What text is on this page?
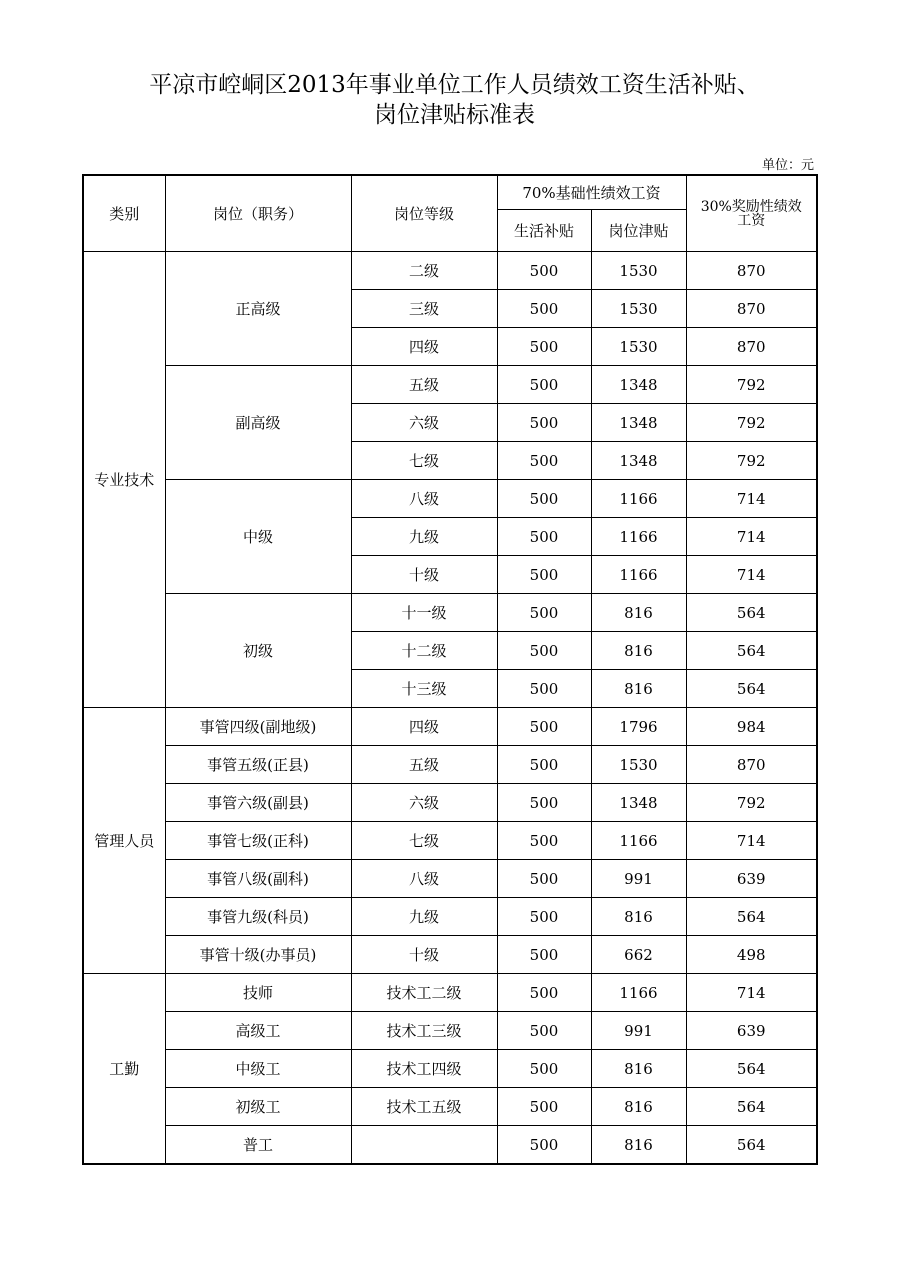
平凉市崆峒区2013年事业单位工作人员绩效工资生活补贴、
岗位津贴标准表
单位：元
类别	岗位（职务）	岗位等级	70%基础性绩效工资		30%奖励性绩效工资
			生活补贴	岗位津贴	
专业技术	正高级	二级	500	1530	870
		三级	500	1530	870
		四级	500	1530	870
	副高级	五级	500	1348	792
		六级	500	1348	792
		七级	500	1348	792
	中级	八级	500	1166	714
		九级	500	1166	714
		十级	500	1166	714
	初级	十一级	500	816	564
		十二级	500	816	564
		十三级	500	816	564
管理人员	事管四级(副地级)	四级	500	1796	984
	事管五级(正县)	五级	500	1530	870
	事管六级(副县)	六级	500	1348	792
	事管七级(正科)	七级	500	1166	714
	事管八级(副科)	八级	500	991	639
	事管九级(科员)	九级	500	816	564
	事管十级(办事员)	十级	500	662	498
工勤	技师	技术工二级	500	1166	714
	高级工	技术工三级	500	991	639
	中级工	技术工四级	500	816	564
	初级工	技术工五级	500	816	564
	普工		500	816	564
